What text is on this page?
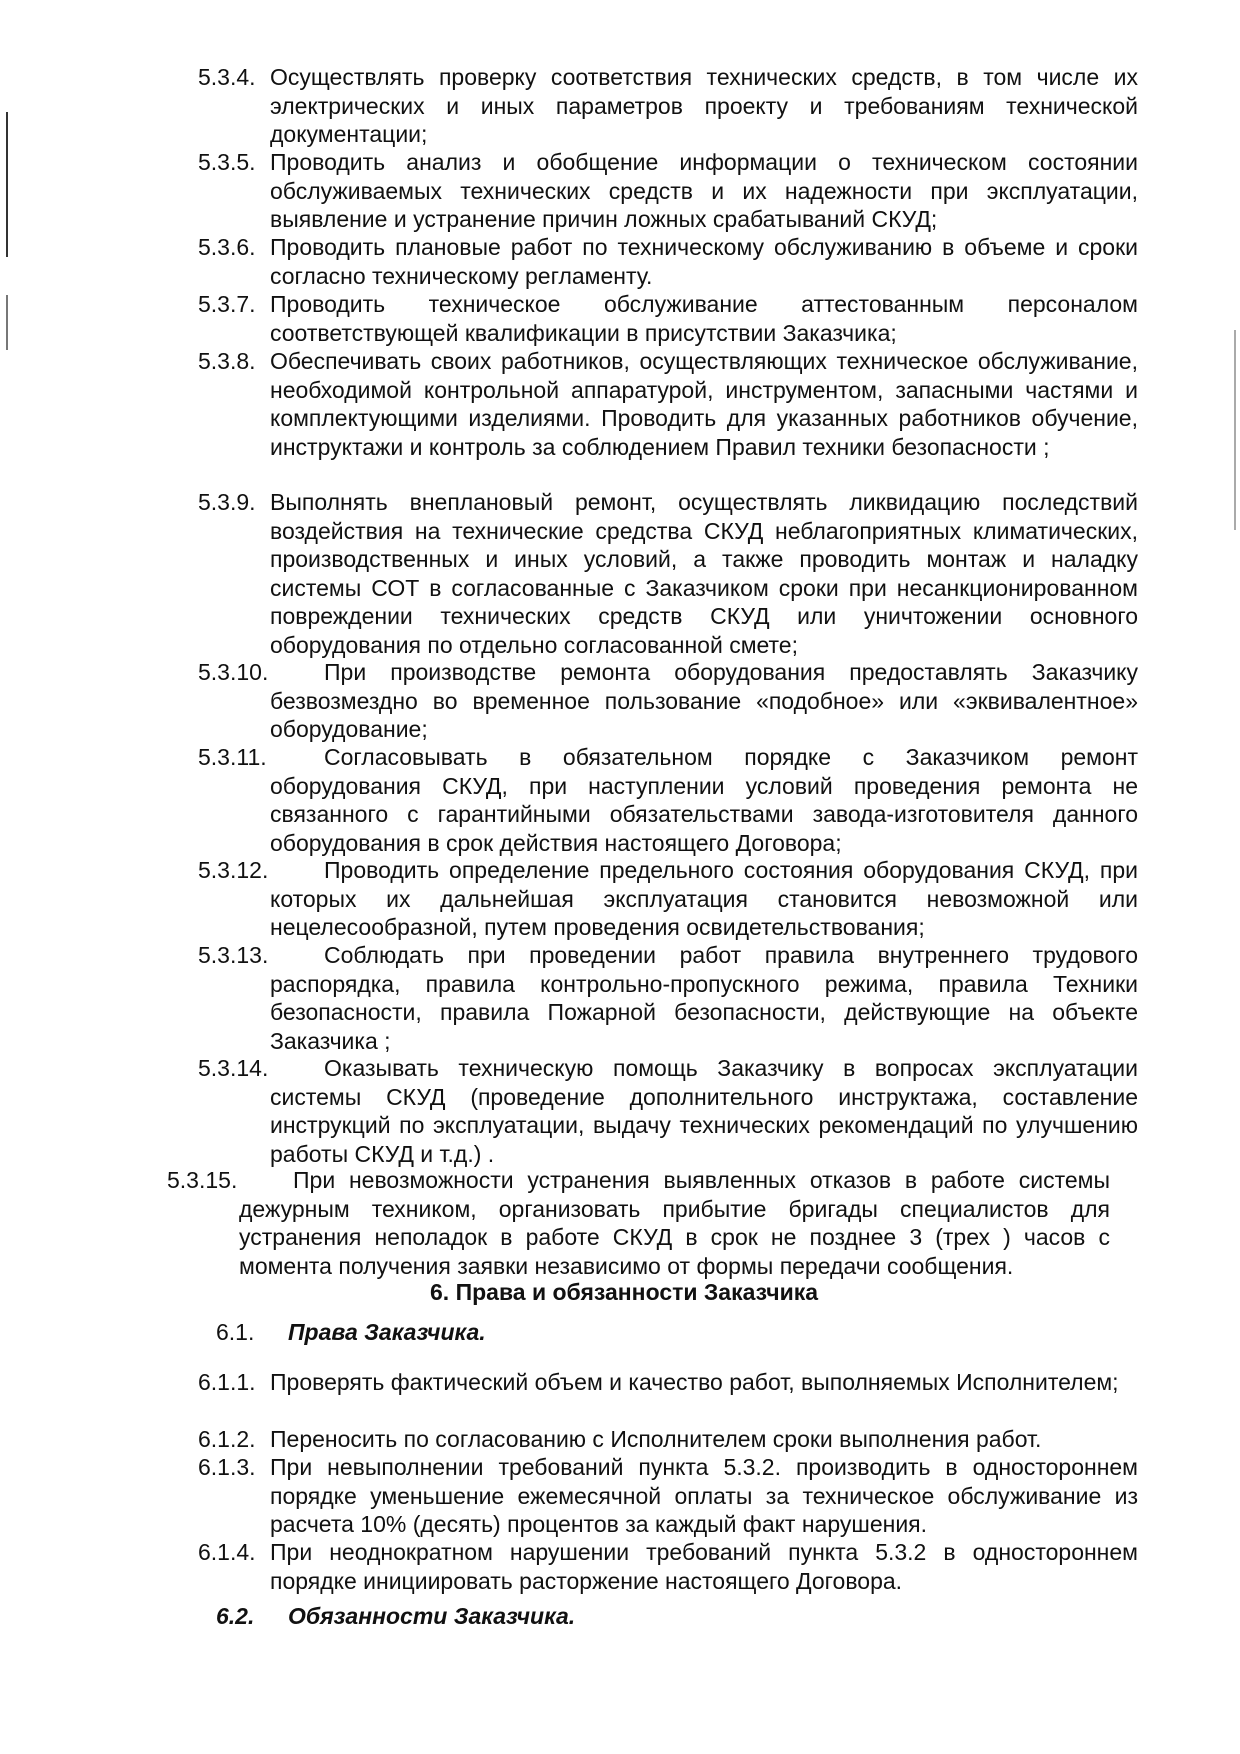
5.3.4. Осуществлять проверку соответствия технических средств, в том числе их электрических и иных параметров проекту и требованиям технической документации;
5.3.5. Проводить анализ и обобщение информации о техническом состоянии обслуживаемых технических средств и их надежности при эксплуатации, выявление и устранение причин ложных срабатываний СКУД;
5.3.6. Проводить плановые работ по техническому обслуживанию в объеме и сроки согласно техническому регламенту.
5.3.7. Проводить техническое обслуживание аттестованным персоналом соответствующей квалификации в присутствии Заказчика;
5.3.8. Обеспечивать своих работников, осуществляющих техническое обслуживание, необходимой контрольной аппаратурой, инструментом, запасными частями и комплектующими изделиями. Проводить для указанных работников обучение, инструктажи и контроль за соблюдением Правил техники безопасности ;
5.3.9. Выполнять внеплановый ремонт, осуществлять ликвидацию последствий воздействия на технические средства СКУД неблагоприятных климатических, производственных и иных условий, а также проводить монтаж и наладку системы СОТ в согласованные с Заказчиком сроки при несанкционированном повреждении технических средств СКУД или уничтожении основного оборудования по отдельно согласованной смете;
5.3.10.	При производстве ремонта оборудования предоставлять Заказчику безвозмездно во временное пользование «подобное» или «эквивалентное» оборудование;
5.3.11.	Согласовывать в обязательном порядке с Заказчиком ремонт оборудования СКУД, при наступлении условий проведения ремонта не связанного с гарантийными обязательствами завода-изготовителя данного оборудования в срок действия настоящего Договора;
5.3.12.	Проводить определение предельного состояния оборудования СКУД, при которых их дальнейшая эксплуатация становится невозможной или нецелесообразной, путем проведения освидетельствования;
5.3.13.	Соблюдать при проведении работ правила внутреннего трудового распорядка, правила контрольно-пропускного режима, правила Техники безопасности, правила Пожарной безопасности, действующие на объекте Заказчика ;
5.3.14.	Оказывать техническую помощь Заказчику в вопросах эксплуатации системы СКУД (проведение дополнительного инструктажа, составление инструкций по эксплуатации, выдачу технических рекомендаций по улучшению работы СКУД и т.д.) .
5.3.15.	При невозможности устранения выявленных отказов в работе системы дежурным техником, организовать прибытие бригады специалистов для устранения неполадок в работе СКУД в срок не позднее 3 (трех ) часов с момента получения заявки независимо от формы передачи сообщения.
6. Права и обязанности Заказчика
6.1.	Права Заказчика.
6.1.1. Проверять фактический объем и качество работ, выполняемых Исполнителем;
6.1.2. Переносить по согласованию с Исполнителем сроки выполнения работ.
6.1.3. При невыполнении требований пункта 5.3.2. производить в одностороннем порядке уменьшение ежемесячной оплаты за техническое обслуживание из расчета 10% (десять) процентов за каждый факт нарушения.
6.1.4. При неоднократном нарушении требований пункта 5.3.2 в одностороннем порядке инициировать расторжение настоящего Договора.
6.2.	Обязанности Заказчика.
